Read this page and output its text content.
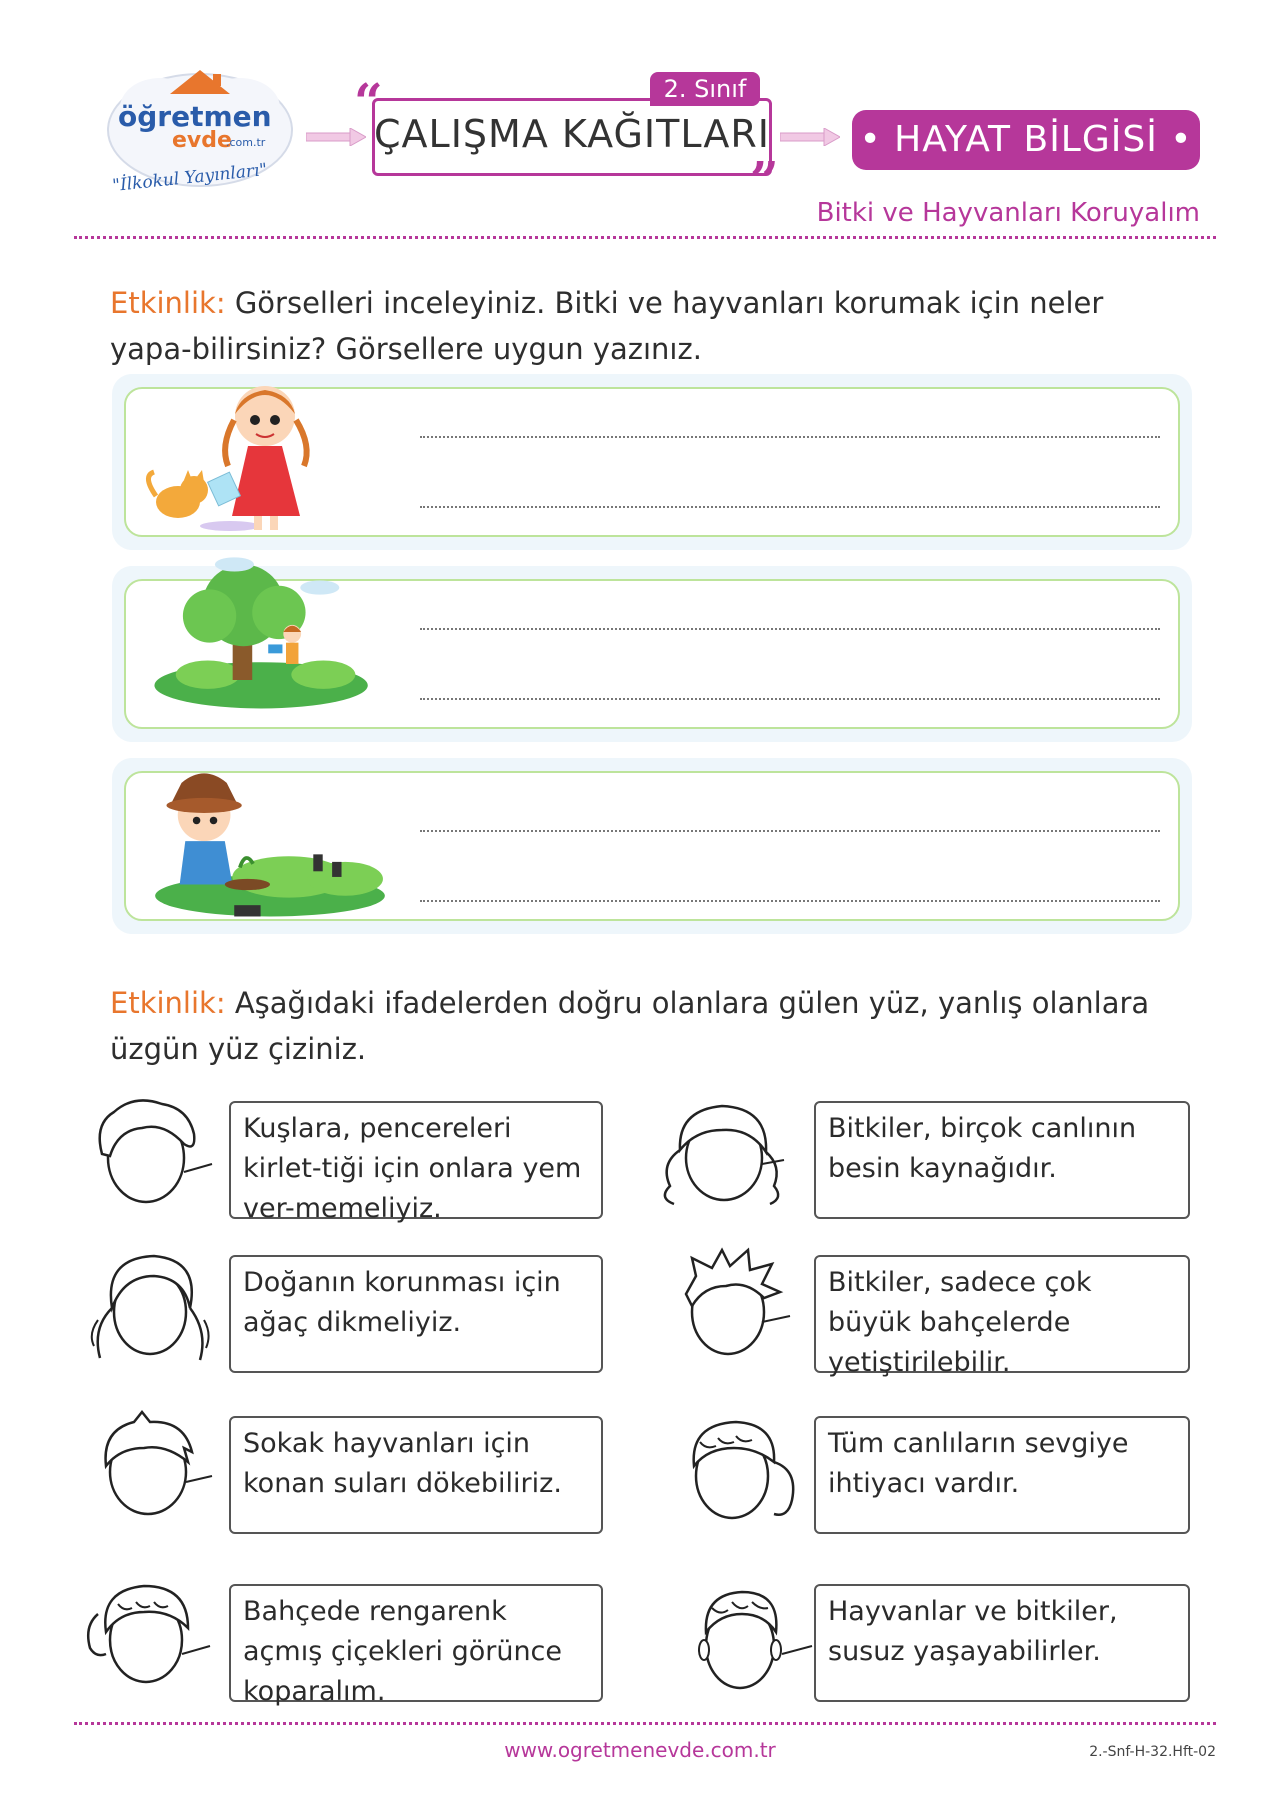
öğretmen
evde
.com.tr
"İlkokul Yayınları"
“
ÇALIŞMA KAĞITLARI
2. Sınıf
”
• HAYAT BİLGİSİ •
Bitki ve Hayvanları Koruyalım
Etkinlik: Görselleri inceleyiniz. Bitki ve hayvanları korumak için neler yapa-bilirsiniz? Görsellere uygun yazınız.
Etkinlik: Aşağıdaki ifadelerden doğru olanlara gülen yüz, yanlış olanlara üzgün yüz çiziniz.
Kuşlara, pencereleri kirlet-tiği için onlara yem ver-memeliyiz.
Bitkiler, birçok canlının besin kaynağıdır.
Doğanın korunması için ağaç dikmeliyiz.
Bitkiler, sadece çok büyük bahçelerde yetiştirilebilir.
Sokak hayvanları için konan suları dökebiliriz.
Tüm canlıların sevgiye ihtiyacı vardır.
Bahçede rengarenk açmış çiçekleri görünce koparalım.
Hayvanlar ve bitkiler, susuz yaşayabilirler.
www.ogretmenevde.com.tr	2.-Snf-H-32.Hft-02
